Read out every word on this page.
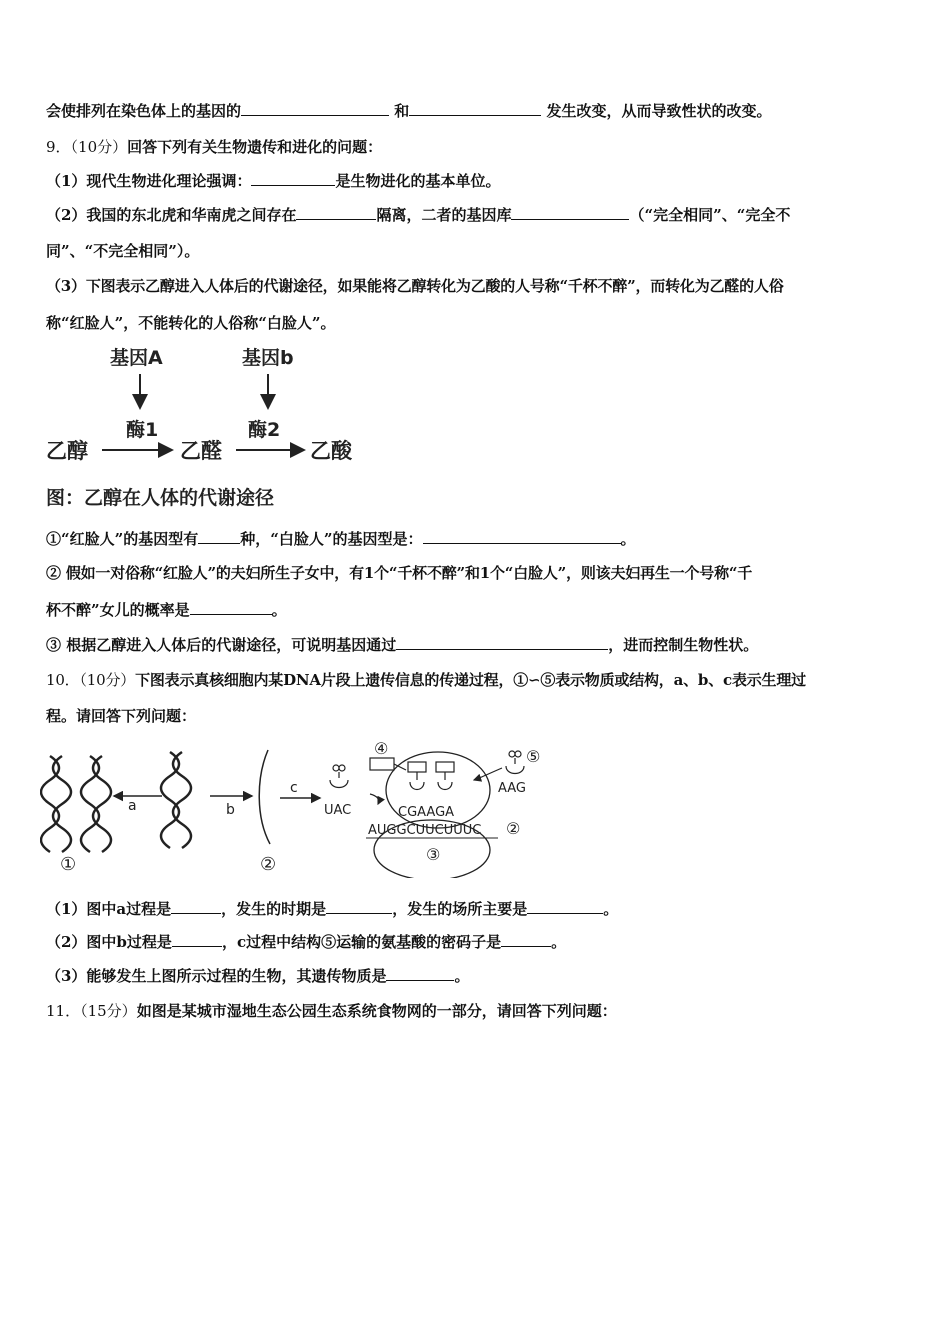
会使排列在染色体上的基因的	和	发生改变，从而导致性状的改变。
9．（10分）回答下列有关生物遗传和进化的问题：
（1）现代生物进化理论强调：	是生物进化的基本单位。
（2）我国的东北虎和华南虎之间存在	隔离，二者的基因库	（“完全相同”、“完全不
同”、“不完全相同”）。
（3）下图表示乙醇进入人体后的代谢途径，如果能将乙醇转化为乙酸的人号称“千杯不醉”，而转化为乙醛的人俗
称“红脸人”，不能转化的人俗称“白脸人”。
基因A	基因b
酶1	酶2
乙醇	乙醛	乙酸
图：乙醇在人体的代谢途径
①“红脸人”的基因型有	种，“白脸人”的基因型是：	。
② 假如一对俗称“红脸人”的夫妇所生子女中，有1个“千杯不醉”和1个“白脸人”，则该夫妇再生一个号称“千
杯不醉”女儿的概率是	。
③ 根据乙醇进入人体后的代谢途径，可说明基因通过	，进而控制生物性状。
10．（10分）下图表示真核细胞内某DNA片段上遗传信息的传递过程，①∽⑤表示物质或结构，a、b、c表示生理过
程。请回答下列问题：
a	b
c
①	②
UAC
④
③
CGAAGA
AUGGCUUCUUUC ②
⑤
AAG
（1）图中a过程是	，发生的时期是	，发生的场所主要是	。
（2）图中b过程是	，c过程中结构⑤运输的氨基酸的密码子是	。
（3）能够发生上图所示过程的生物，其遗传物质是	。
11．（15分）如图是某城市湿地生态公园生态系统食物网的一部分，请回答下列问题：
